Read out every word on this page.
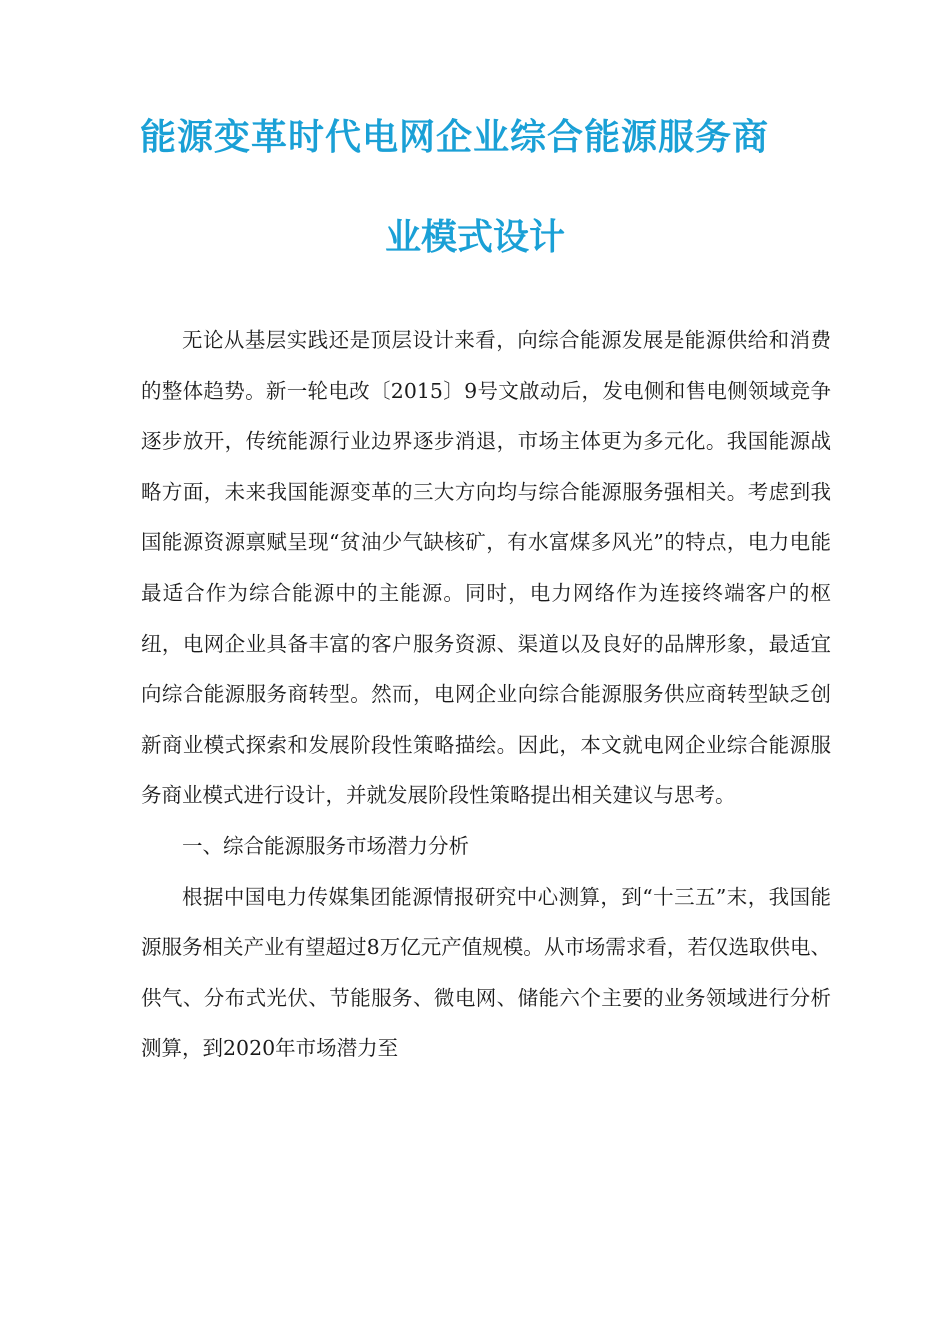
能源变革时代电网企业综合能源服务商
业模式设计

无论从基层实践还是顶层设计来看，向综合能源发展是能源供给和消费的整体趋势。新一轮电改〔2015〕9号文啟动后，发电侧和售电侧领域竞争逐步放开，传统能源行业边界逐步消退，市场主体更为多元化。我国能源战略方面，未来我国能源变革的三大方向均与综合能源服务强相关。考虑到我国能源资源禀赋呈现“贫油少气缺核矿，有水富煤多风光”的特点，电力电能最适合作为综合能源中的主能源。同时，电力网络作为连接终端客户的枢纽，电网企业具备丰富的客户服务资源、渠道以及良好的品牌形象，最适宜向综合能源服务商转型。然而，电网企业向综合能源服务供应商转型缺乏创新商业模式探索和发展阶段性策略描绘。因此，本文就电网企业综合能源服务商业模式进行设计，并就发展阶段性策略提出相关建议与思考。

一、综合能源服务市场潜力分析

根据中国电力传媒集团能源情报研究中心测算，到“十三五”末，我国能源服务相关产业有望超过8万亿元产值规模。从市场需求看，若仅选取供电、供气、分布式光伏、节能服务、微电网、储能六个主要的业务领域进行分析测算，到2020年市场潜力至
